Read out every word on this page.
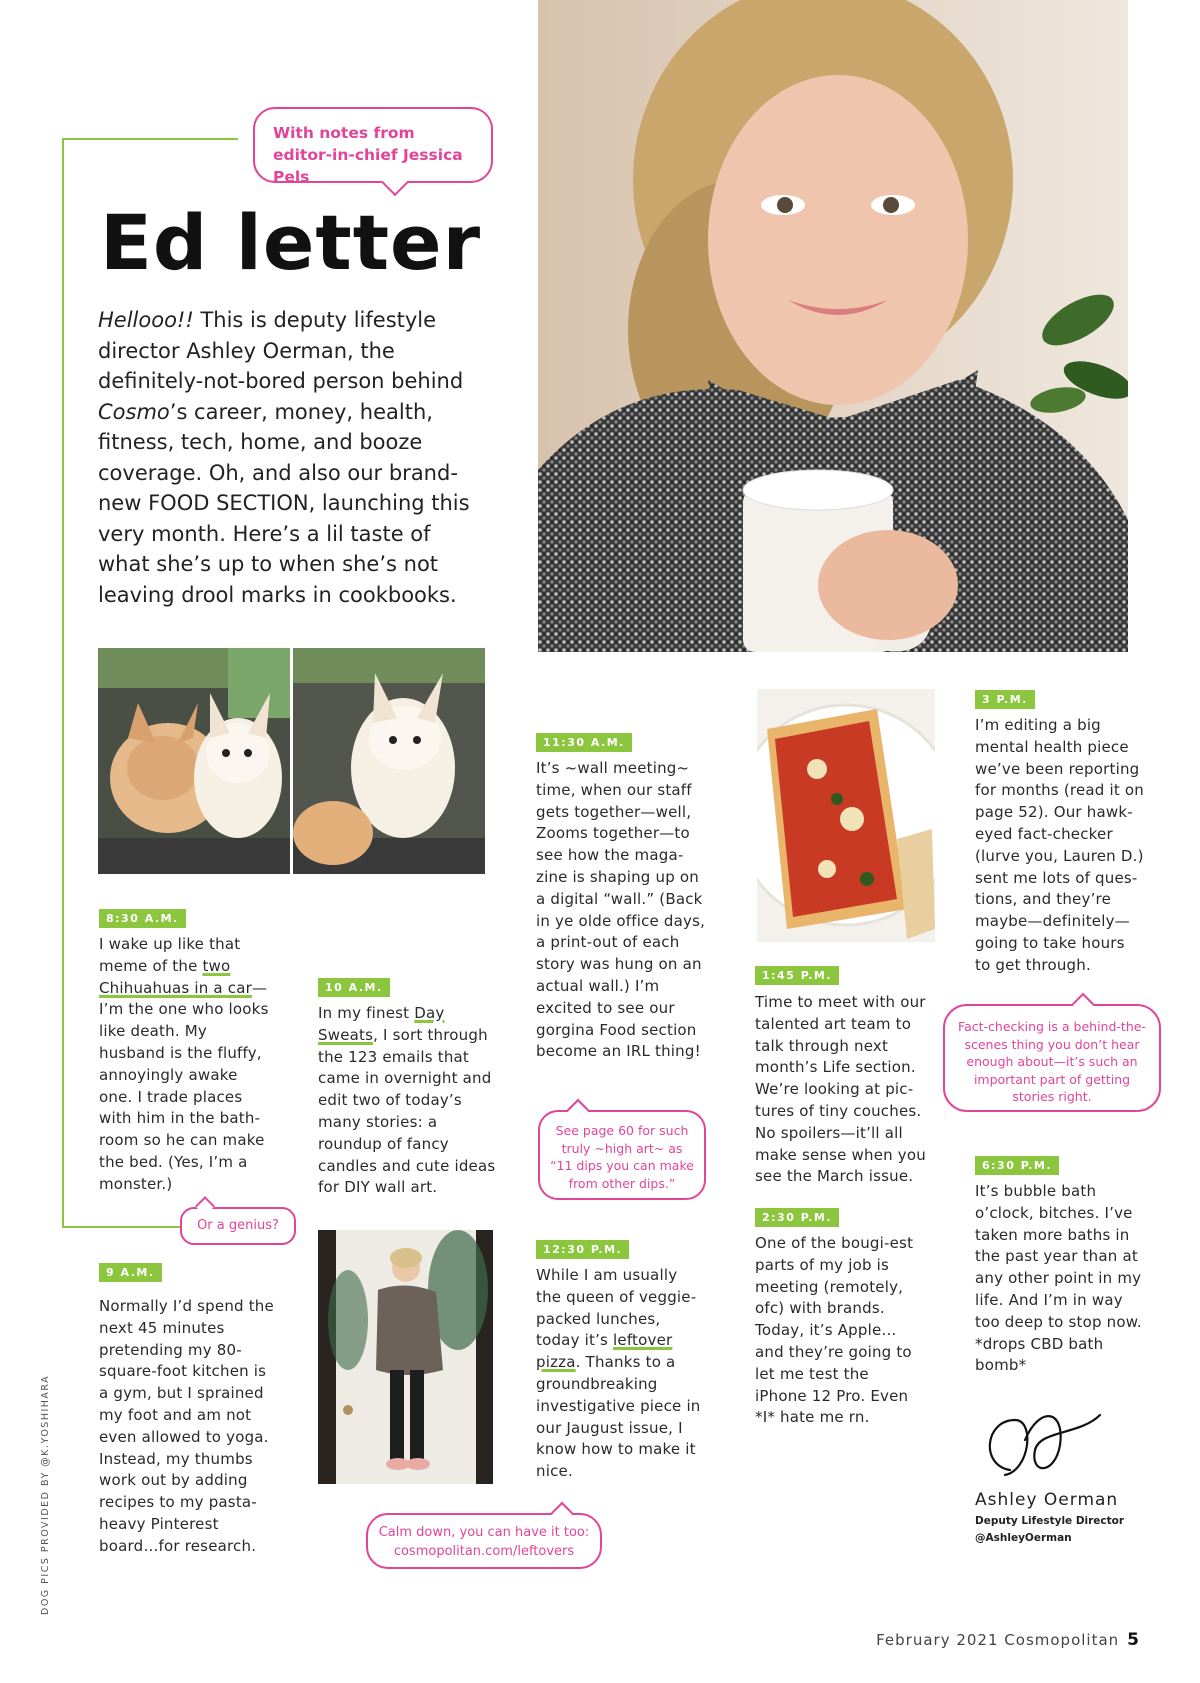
With notes from editor-in-chief Jessica Pels
Ed letter
Hellooo!! This is deputy lifestyle director Ashley Oerman, the definitely-not-bored person behind Cosmo’s career, money, health, fitness, tech, home, and booze coverage. Oh, and also our brand-new FOOD SECTION, launching this very month. Here’s a lil taste of what she’s up to when she’s not leaving drool marks in cookbooks.
8:30 A.M.
I wake up like that meme of the two Chihuahuas in a car—I’m the one who looks like death. My husband is the fluffy, annoyingly awake one. I trade places with him in the bath-room so he can make the bed. (Yes, I’m a monster.)
Or a genius?
9 A.M.
Normally I’d spend the next 45 minutes pretending my 80-square-foot kitchen is a gym, but I sprained my foot and am not even allowed to yoga. Instead, my thumbs work out by adding recipes to my pasta-heavy Pinterest board…for research.
10 A.M.
In my finest Day Sweats, I sort through the 123 emails that came in overnight and edit two of today’s many stories: a roundup of fancy candles and cute ideas for DIY wall art.
11:30 A.M.
It’s ~wall meeting~ time, when our staff gets together—well, Zooms together—to see how the maga-zine is shaping up on a digital “wall.” (Back in ye olde office days, a print-out of each story was hung on an actual wall.) I’m excited to see our gorgina Food section become an IRL thing!
See page 60 for such truly ~high art~ as “11 dips you can make from other dips.”
12:30 P.M.
While I am usually the queen of veggie-packed lunches, today it’s leftover pizza. Thanks to a groundbreaking investigative piece in our Jaugust issue, I know how to make it nice.
Calm down, you can have it too: cosmopolitan.com/leftovers
1:45 P.M.
Time to meet with our talented art team to talk through next month’s Life section. We’re looking at pic-tures of tiny couches. No spoilers—it’ll all make sense when you see the March issue.
2:30 P.M.
One of the bougi-est parts of my job is meeting (remotely, ofc) with brands. Today, it’s Apple… and they’re going to let me test the iPhone 12 Pro. Even *I* hate me rn.
3 P.M.
I’m editing a big mental health piece we’ve been reporting for months (read it on page 52). Our hawk-eyed fact-checker (lurve you, Lauren D.) sent me lots of ques-tions, and they’re maybe—definitely—going to take hours to get through.
Fact-checking is a behind-the-scenes thing you don’t hear enough about—it’s such an important part of getting stories right.
6:30 P.M.
It’s bubble bath o’clock, bitches. I’ve taken more baths in the past year than at any other point in my life. And I’m in way too deep to stop now. *drops CBD bath bomb*
Ashley Oerman
Deputy Lifestyle Director
@AshleyOerman
DOG PICS PROVIDED BY @K.YOSHIHARA
February 2021 Cosmopolitan 5
